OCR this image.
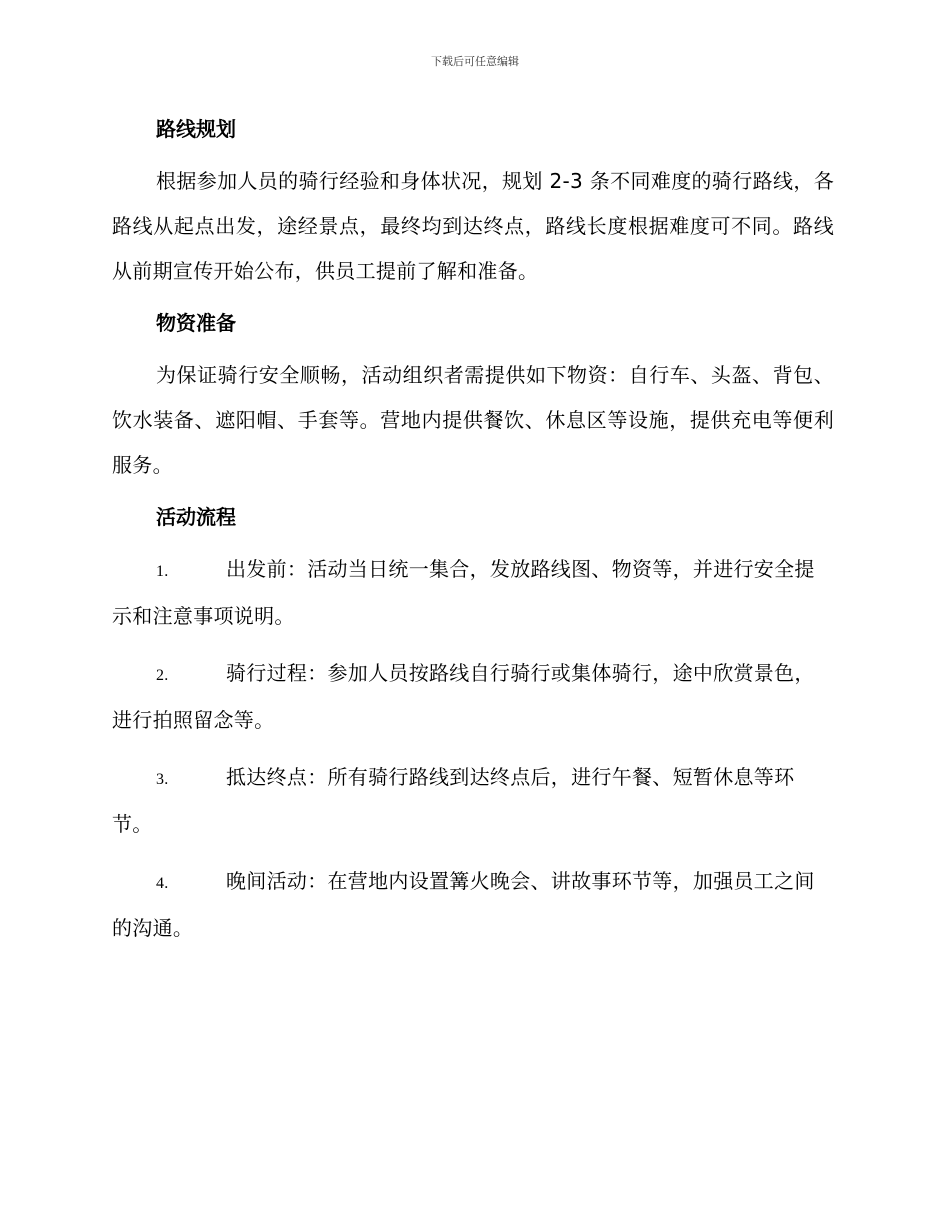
下载后可任意编辑
路线规划

根据参加人员的骑行经验和身体状况，规划 2-3 条不同难度的骑行路线，各路线从起点出发，途经景点，最终均到达终点，路线长度根据难度可不同。路线从前期宣传开始公布，供员工提前了解和准备。

物资准备

为保证骑行安全顺畅，活动组织者需提供如下物资：自行车、头盔、背包、饮水装备、遮阳帽、手套等。营地内提供餐饮、休息区等设施，提供充电等便利服务。

活动流程

1.	出发前：活动当日统一集合，发放路线图、物资等，并进行安全提示和注意事项说明。

2.	骑行过程：参加人员按路线自行骑行或集体骑行，途中欣赏景色，进行拍照留念等。

3.	抵达终点：所有骑行路线到达终点后，进行午餐、短暂休息等环节。

4.	晚间活动：在营地内设置篝火晚会、讲故事环节等，加强员工之间的沟通。
